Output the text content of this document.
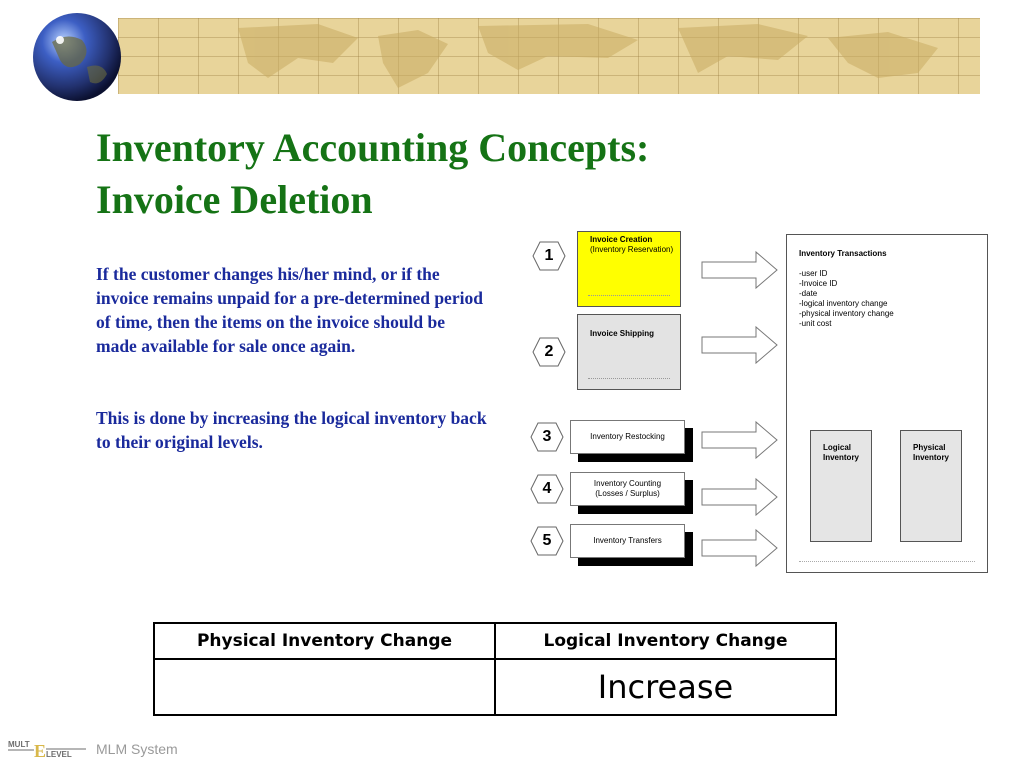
Inventory Accounting Concepts:
Invoice Deletion
If the customer changes his/her mind, or if the invoice remains unpaid for a pre-determined period of time, then the items on the invoice should be made available for sale once again.
This is done by increasing the logical inventory back to their original levels.
1
2
3
4
5
Invoice Creation
(Inventory Reservation)
Invoice Shipping
Inventory Restocking
Inventory Counting
(Losses / Surplus)
Inventory Transfers
Inventory Transactions
-user ID
-Invoice ID
-date
-logical inventory change
-physical inventory change
-unit cost
Logical
Inventory
Physical
Inventory
Physical Inventory Change	Logical Inventory Change
	Increase
MULT E LEVEL MLM System
